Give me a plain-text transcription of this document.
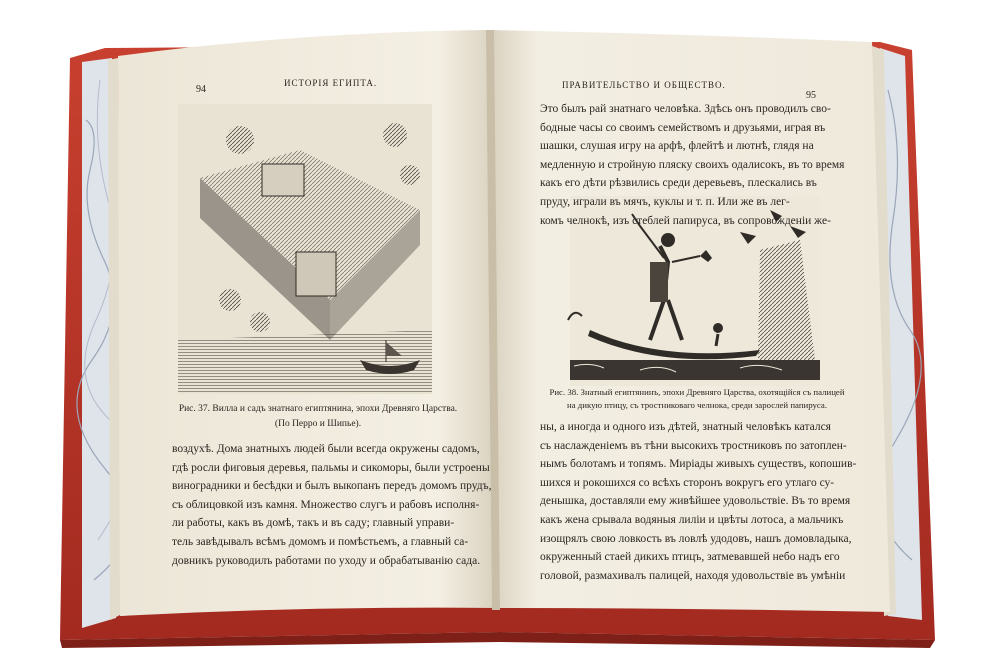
94
ИСТОРІЯ ЕГИПТА.
Рис. 37. Вилла и садъ знатнаго египтянина, эпохи Древняго Царства.
(По Перро и Шипье).
воздухѣ. Дома знатныхъ людей были всегда окружены садомъ,
гдѣ росли фиговыя деревья, пальмы и сикоморы, были устроены
виноградники и бесѣдки и былъ выкопанъ передъ домомъ прудъ,
съ облицовкой изъ камня. Множество слугъ и рабовъ исполня-
ли работы, какъ въ домѣ, такъ и въ саду; главный управи-
тель завѣдывалъ всѣмъ домомъ и помѣстьемъ, а главный са-
довникъ руководилъ работами по уходу и обрабатыванію сада.
ПРАВИТЕЛЬСТВО И ОБЩЕСТВО.
95
Это былъ рай знатнаго человѣка. Здѣсь онъ проводилъ сво-
бодные часы со своимъ семействомъ и друзьями, играя въ
шашки, слушая игру на арфѣ, флейтѣ и лютнѣ, глядя на
медленную и стройную пляску своихъ одалисокъ, въ то время
какъ его дѣти рѣзвились среди деревьевъ, плескались въ
пруду, играли въ мячъ, куклы и т. п. Или же въ лег-
комъ челнокѣ, изъ стеблей папируса, въ сопровожденіи же-
Рис. 38. Знатный египтянинъ, эпохи Древняго Царства, охотящійся съ палицей
на дикую птицу, съ тростниковаго челнока, среди зарослей папируса.
ны, а иногда и одного изъ дѣтей, знатный человѣкъ катался
съ наслажденіемъ въ тѣни высокихъ тростниковъ по затоплен-
нымъ болотамъ и топямъ. Миріады живыхъ существъ, копошив-
шихся и рокошихся со всѣхъ сторонъ вокругъ его утлаго су-
денышка, доставляли ему живѣйшее удовольствіе. Въ то время
какъ жена срывала водяныя лиліи и цвѣты лотоса, а мальчикъ
изощрялъ свою ловкость въ ловлѣ удодовъ, нашъ домовладыка,
окруженный стаей дикихъ птицъ, затмевавшей небо надъ его
головой, размахивалъ палицей, находя удовольствіе въ умѣніи
